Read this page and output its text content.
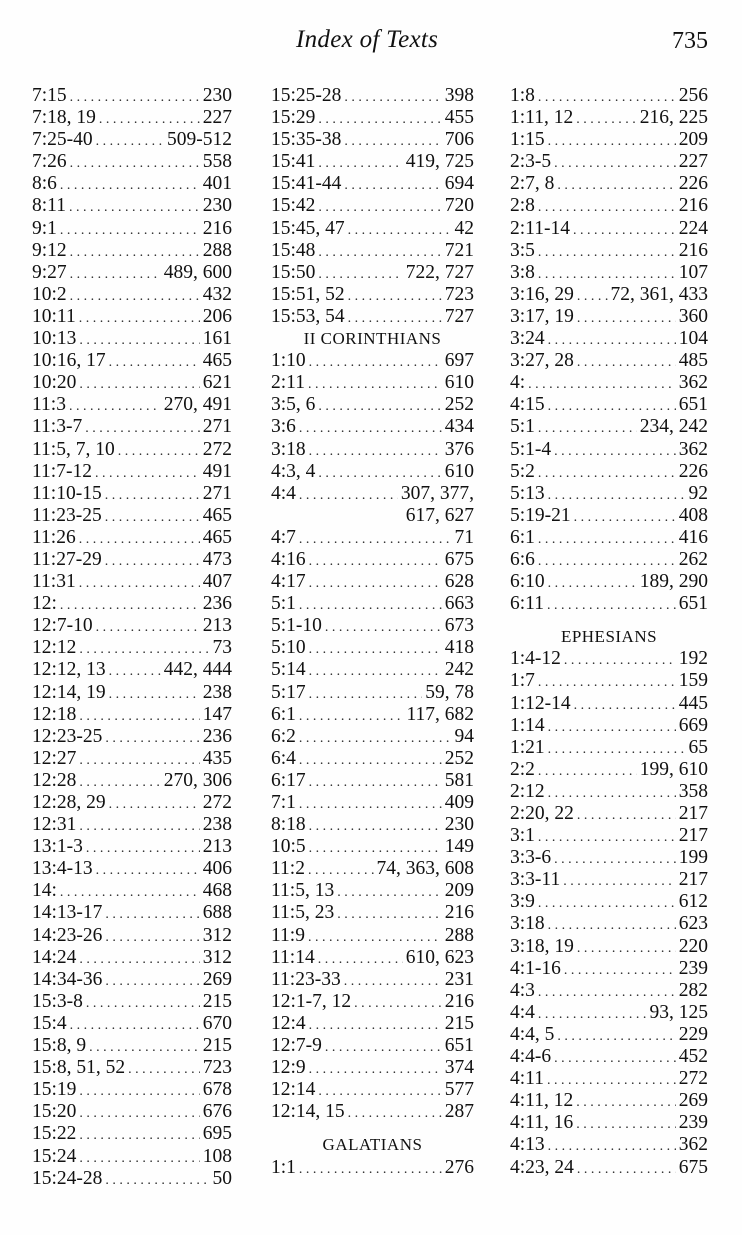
Index of Texts	735
7:15 . . .	230
7:18, 19 . . .	227
7:25-40 . . .	509-512
7:26 . . .	558
8:6 . . .	401
8:11 . . .	230
9:1 . . .	216
9:12 . . .	288
9:27 . . .	489, 600
10:2 . . .	432
10:11 . . .	206
10:13 . . .	161
10:16, 17 . . .	465
10:20 . . .	621
11:3 . . .	270, 491
11:3-7 . . .	271
11:5, 7, 10 . . .	272
11:7-12 . . .	491
11:10-15 . . .	271
11:23-25 . . .	465
11:26 . . .	465
11:27-29 . . .	473
11:31 . . .	407
12: . . .	236
12:7-10 . . .	213
12:12 . . .	73
12:12, 13 . . .	442, 444
12:14, 19 . . .	238
12:18 . . .	147
12:23-25 . . .	236
12:27 . . .	435
12:28 . . .	270, 306
12:28, 29 . . .	272
12:31 . . .	238
13:1-3 . . .	213
13:4-13 . . .	406
14: . . .	468
14:13-17 . . .	688
14:23-26 . . .	312
14:24 . . .	312
14:34-36 . . .	269
15:3-8 . . .	215
15:4 . . .	670
15:8, 9 . . .	215
15:8, 51, 52 . . .	723
15:19 . . .	678
15:20 . . .	676
15:22 . . .	695
15:24 . . .	108
15:24-28 . . .	50
15:25-28 . . .	398
15:29 . . .	455
15:35-38 . . .	706
15:41 . . .	419, 725
15:41-44 . . .	694
15:42 . . .	720
15:45, 47 . . .	42
15:48 . . .	721
15:50 . . .	722, 727
15:51, 52 . . .	723
15:53, 54 . . .	727
II CORINTHIANS
1:10 . . .	697
2:11 . . .	610
3:5, 6 . . .	252
3:6 . . .	434
3:18 . . .	376
4:3, 4 . . .	610
4:4 . . .	307, 377,
617, 627
4:7 . . .	71
4:16 . . .	675
4:17 . . .	628
5:1 . . .	663
5:1-10 . . .	673
5:10 . . .	418
5:14 . . .	242
5:17 . . .	59, 78
6:1 . . .	117, 682
6:2 . . .	94
6:4 . . .	252
6:17 . . .	581
7:1 . . .	409
8:18 . . .	230
10:5 . . .	149
11:2 . . .	74, 363, 608
11:5, 13 . . .	209
11:5, 23 . . .	216
11:9 . . .	288
11:14 . . .	610, 623
11:23-33 . . .	231
12:1-7, 12 . . .	216
12:4 . . .	215
12:7-9 . . .	651
12:9 . . .	374
12:14 . . .	577
12:14, 15 . . .	287
GALATIANS
1:1 . . .	276
1:8 . . .	256
1:11, 12 . . .	216, 225
1:15 . . .	209
2:3-5 . . .	227
2:7, 8 . . .	226
2:8 . . .	216
2:11-14 . . .	224
3:5 . . .	216
3:8 . . .	107
3:16, 29 . . . 72, 361, 433
3:17, 19 . . .	360
3:24 . . .	104
3:27, 28 . . .	485
4: . . .	362
4:15 . . .	651
5:1 . . .	234, 242
5:1-4 . . .	362
5:2 . . .	226
5:13 . . .	92
5:19-21 . . .	408
6:1 . . .	416
6:6 . . .	262
6:10 . . .	189, 290
6:11 . . .	651
EPHESIANS
1:4-12 . . .	192
1:7 . . .	159
1:12-14 . . .	445
1:14 . . .	669
1:21 . . .	65
2:2 . . .	199, 610
2:12 . . .	358
2:20, 22 . . .	217
3:1 . . .	217
3:3-6 . . .	199
3:3-11 . . .	217
3:9 . . .	612
3:18 . . .	623
3:18, 19 . . .	220
4:1-16 . . .	239
4:3 . . .	282
4:4 . . .	93, 125
4:4, 5 . . .	229
4:4-6 . . .	452
4:11 . . .	272
4:11, 12 . . .	269
4:11, 16 . . .	239
4:13 . . .	362
4:23, 24 . . .	675
